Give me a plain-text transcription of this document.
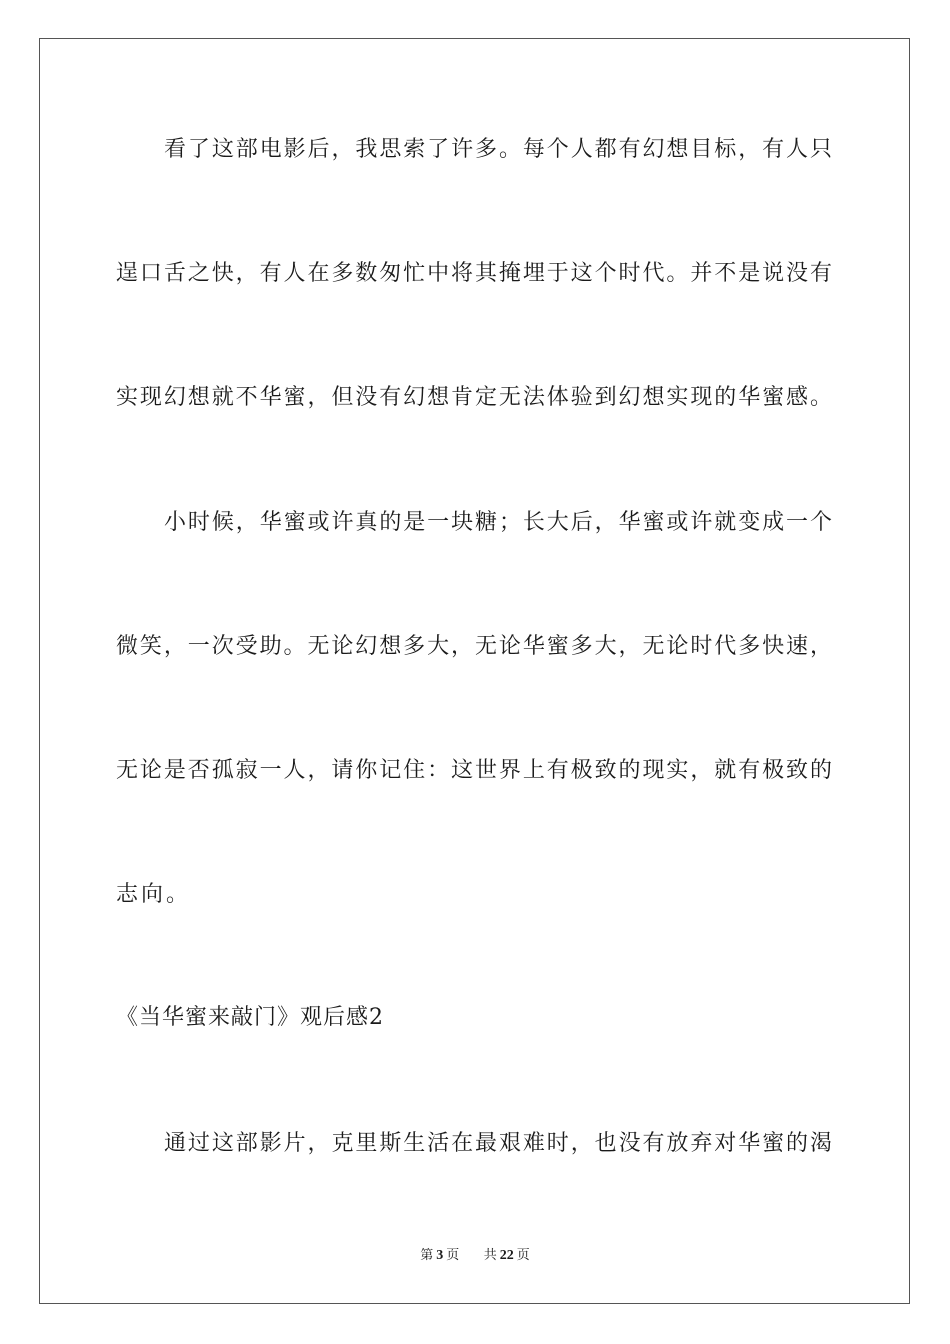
看了这部电影后，我思索了许多。每个人都有幻想目标，有人只
逞口舌之快，有人在多数匆忙中将其掩埋于这个时代。并不是说没有
实现幻想就不华蜜，但没有幻想肯定无法体验到幻想实现的华蜜感。
小时候，华蜜或许真的是一块糖；长大后，华蜜或许就变成一个
微笑，一次受助。无论幻想多大，无论华蜜多大，无论时代多快速，
无论是否孤寂一人，请你记住：这世界上有极致的现实，就有极致的
志向。
《当华蜜来敲门》观后感2
通过这部影片，克里斯生活在最艰难时，也没有放弃对华蜜的渴
第 3 页 共 22 页
